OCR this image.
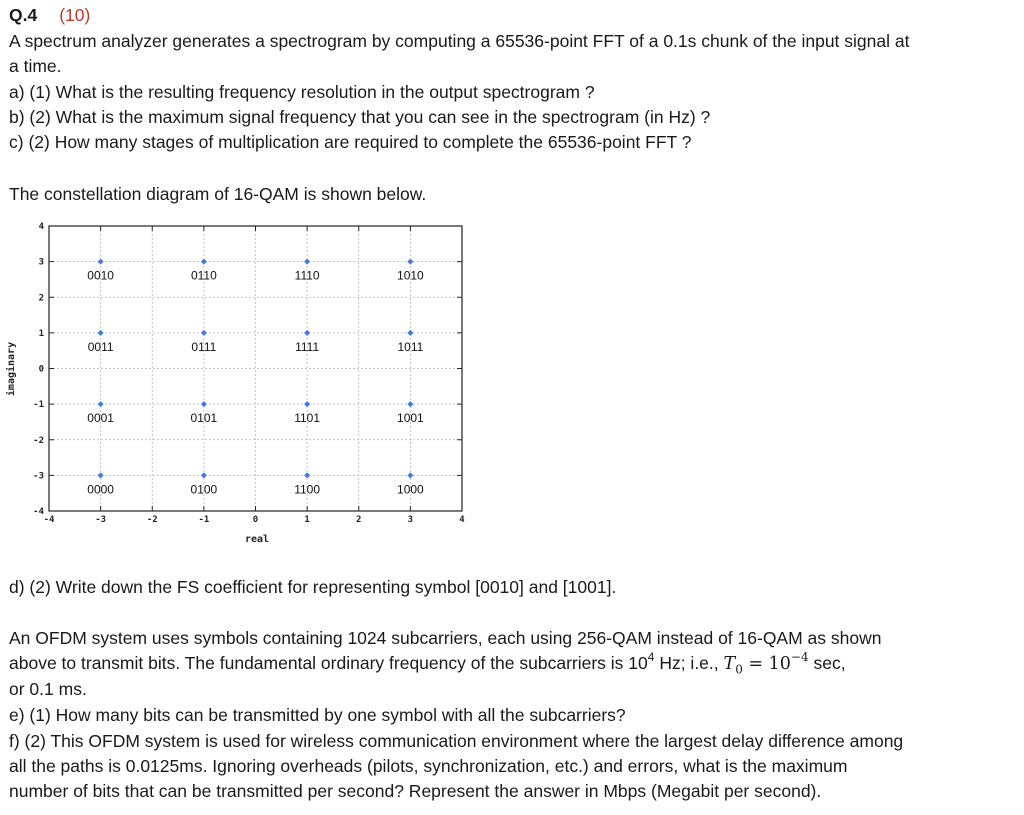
Q.4 (10)
A spectrum analyzer generates a spectrogram by computing a 65536-point FFT of a 0.1s chunk of the input signal at
a time.
a) (1) What is the resulting frequency resolution in the output spectrogram ?
b) (2) What is the maximum signal frequency that you can see in the spectrogram (in Hz) ?
c) (2) How many stages of multiplication are required to complete the 65536-point FFT ?
The constellation diagram of 16-QAM is shown below.
-4	-3	-2	-1	0	1	2	3	4
4
3
2
1
0
-1
-2
-3
-4
0010	0110	1110	1010
0011	0111	1111	1011
0001	0101	1101	1001
0000	0100	1100	1000
real
imaginary
d) (2) Write down the FS coefficient for representing symbol [0010] and [1001].
An OFDM system uses symbols containing 1024 subcarriers, each using 256-QAM instead of 16-QAM as shown
above to transmit bits. The fundamental ordinary frequency of the subcarriers is $10^4$ Hz; i.e., $T_0 = 10^{-4}$ sec,
or 0.1 ms.
e) (1) How many bits can be transmitted by one symbol with all the subcarriers?
f) (2) This OFDM system is used for wireless communication environment where the largest delay difference among
all the paths is 0.0125ms. Ignoring overheads (pilots, synchronization, etc.) and errors, what is the maximum
number of bits that can be transmitted per second? Represent the answer in Mbps (Megabit per second).
